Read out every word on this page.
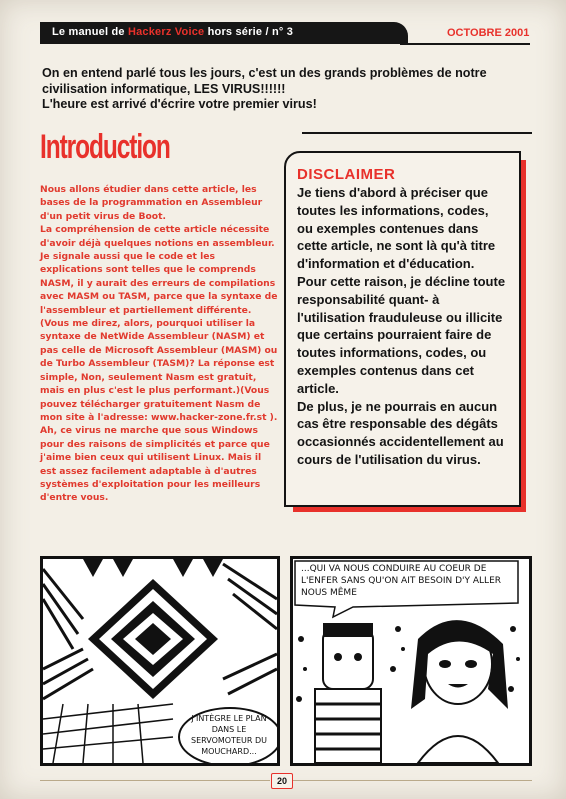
Le manuel de Hackerz Voice hors série / n° 3	OCTOBRE 2001

On en entend parlé tous les jours, c'est un des grands problèmes de notre civilisation informatique, LES VIRUS!!!!!!

L'heure est arrivé d'écrire votre premier virus!

Introduction

Nous allons étudier dans cette article, les bases de la programmation en Assembleur d'un petit virus de Boot.

La compréhension de cette article nécessite d'avoir déjà quelques notions en assembleur.

Je signale aussi que le code et les explications sont telles que le comprends NASM, il y aurait des erreurs de compilations avec MASM ou TASM, parce que la syntaxe de l'assembleur et partiellement différente. (Vous me direz, alors, pourquoi utiliser la syntaxe de NetWide Assembleur (NASM) et pas celle de Microsoft Assembleur (MASM) ou de Turbo Assembleur (TASM)? La réponse est simple, Non, seulement Nasm est gratuit, mais en plus c'est le plus performant.)(Vous pouvez télécharger gratuitement Nasm de mon site à l'adresse: www.hacker-zone.fr.st ).

Ah, ce virus ne marche que sous Windows pour des raisons de simplicités et parce que j'aime bien ceux qui utilisent Linux. Mais il est assez facilement adaptable à d'autres systèmes d'exploitation pour les meilleurs d'entre vous.

DISCLAIMER

Je tiens d'abord à préciser que toutes les informations, codes, ou exemples contenues dans cette article, ne sont là qu'à titre d'information et d'éducation.

Pour cette raison, je décline toute responsabilité quant- à l'utilisation frauduleuse ou illicite que certains pourraient faire de toutes informations, codes, ou exemples contenus dans cet article.

De plus, je ne pourrais en aucun cas être responsable des dégâts occasionnés accidentellement au cours de l'utilisation du virus.

J'INTÈGRE LE PLAN DANS LE SERVOMOTEUR DU MOUCHARD...
...QUI VA NOUS CONDUIRE AU COEUR DE L'ENFER SANS QU'ON AIT BESOIN D'Y ALLER NOUS MÊME
20
